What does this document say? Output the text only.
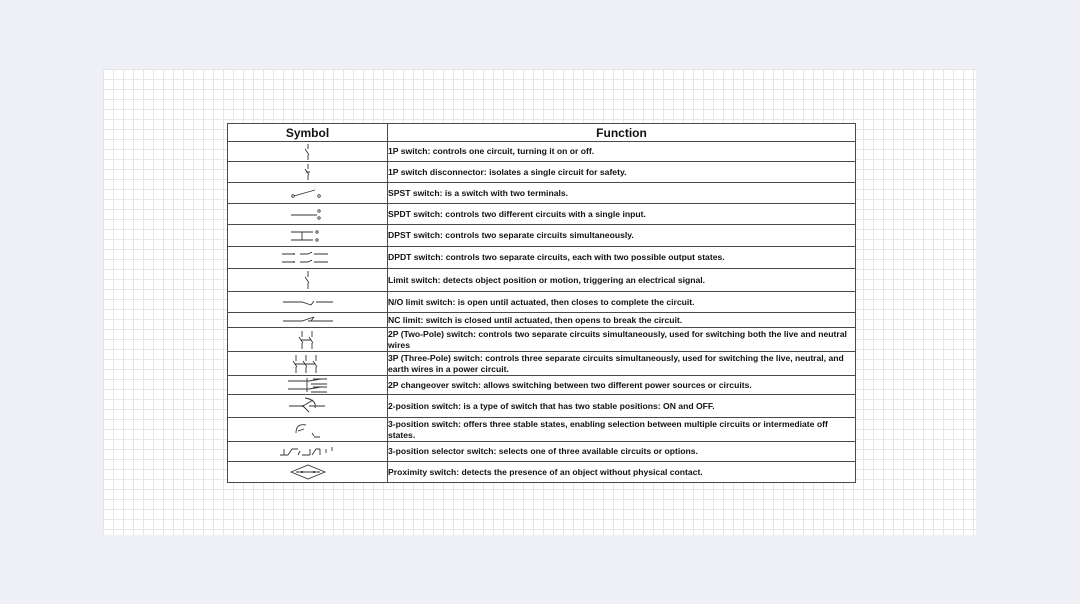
Symbol	Function

	1P switch: controls one circuit, turning it on or off.

	1P switch disconnector: isolates a single circuit for safety.

	SPST switch: is a switch with two terminals.

	SPDT switch: controls two different circuits with a single input.

	DPST switch: controls two separate circuits simultaneously.

	DPDT switch: controls two separate circuits, each with two possible output states.

	Limit switch: detects object position or motion, triggering an electrical signal.

	N/O limit switch: is open until actuated, then closes to complete the circuit.

	NC limit: switch is closed until actuated, then opens to break the circuit.

	2P (Two-Pole) switch: controls two separate circuits simultaneously, used for switching both the live and neutral wires

	3P (Three-Pole) switch: controls three separate circuits simultaneously, used for switching the live, neutral, and earth wires in a power circuit.

	2P changeover switch: allows switching between two different power sources or circuits.

	2-position switch: is a type of switch that has two stable positions: ON and OFF.

	3-position switch: offers three stable states, enabling selection between multiple circuits or intermediate off states.

	3-position selector switch: selects one of three available circuits or options.

	Proximity switch: detects the presence of an object without physical contact.
